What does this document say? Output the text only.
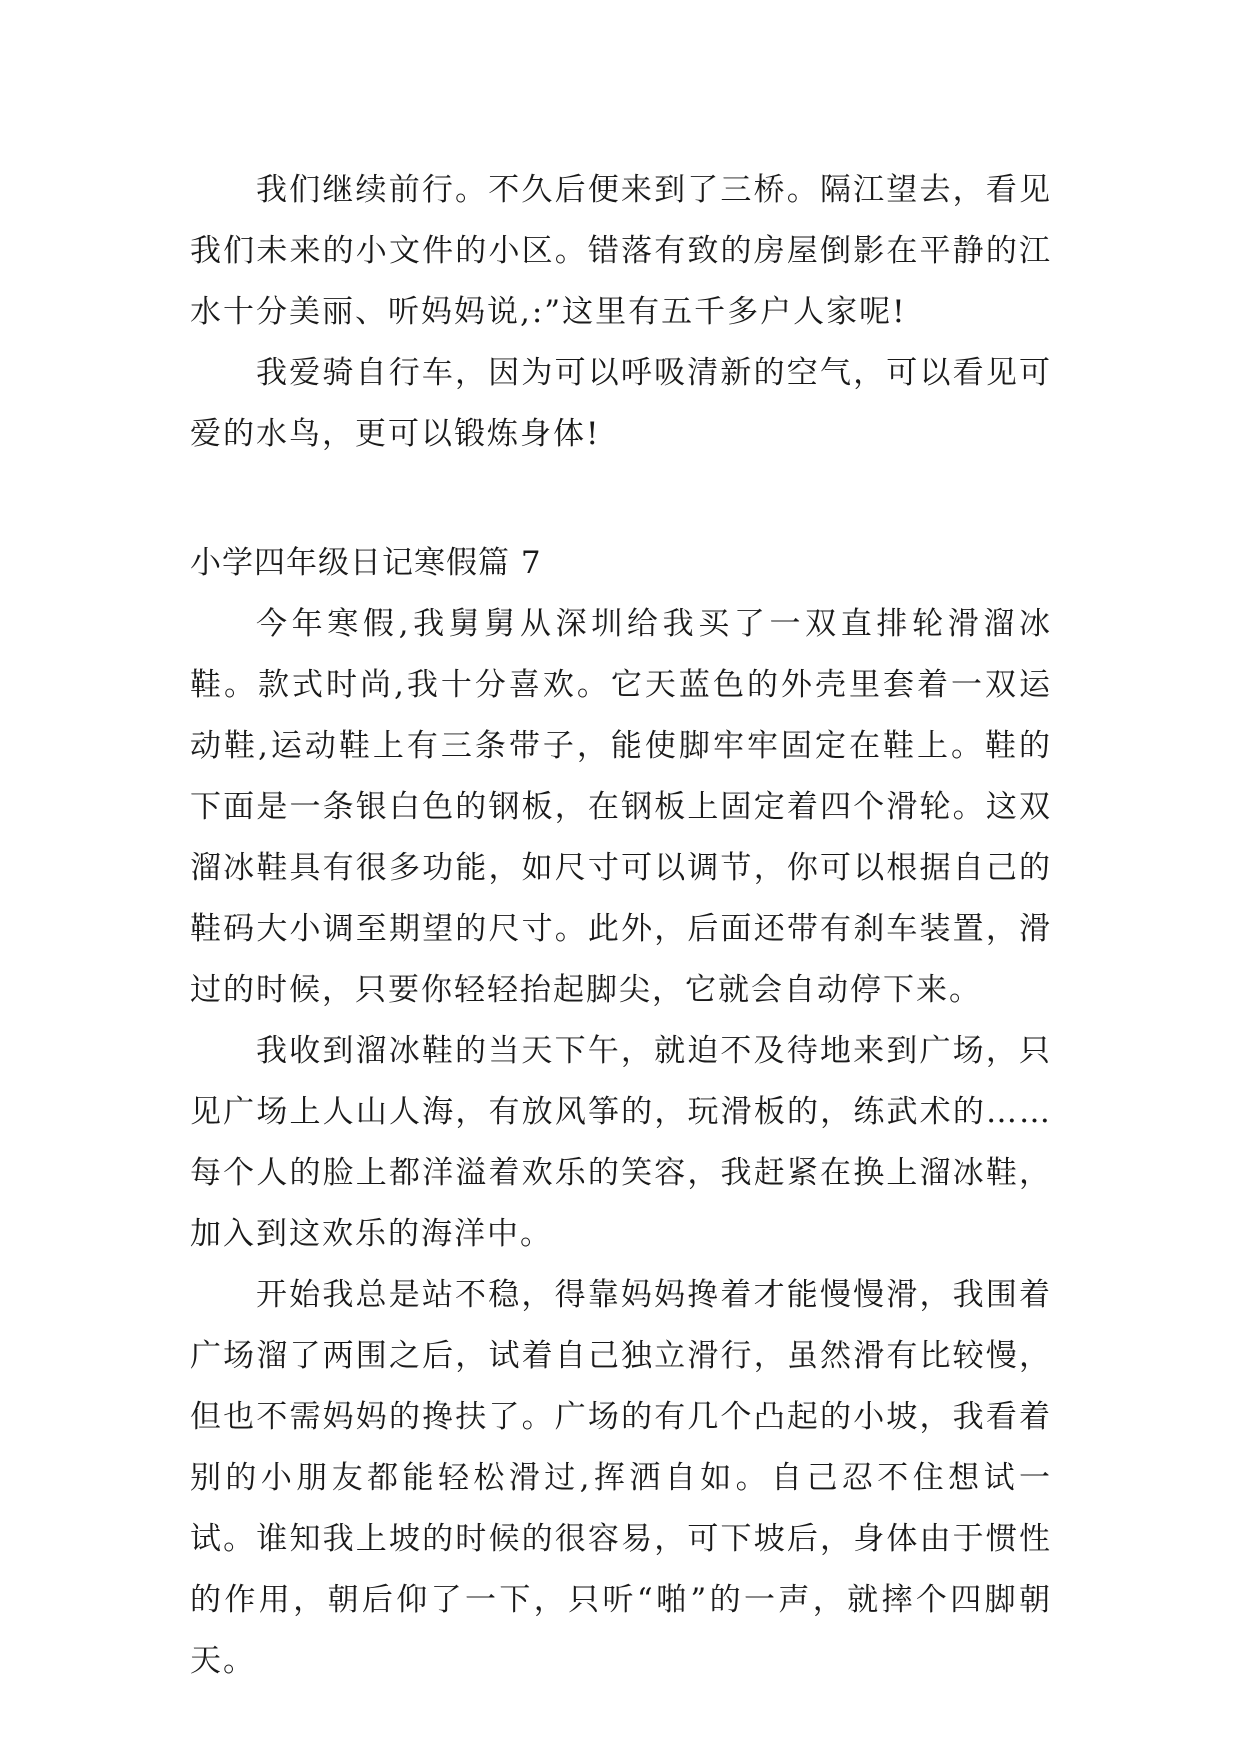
我们继续前行。不久后便来到了三桥。隔江望去，看见我们未来的小文件的小区。错落有致的房屋倒影在平静的江水十分美丽、听妈妈说,:”这里有五千多户人家呢!

我爱骑自行车，因为可以呼吸清新的空气，可以看见可爱的水鸟，更可以锻炼身体!

小学四年级日记寒假篇 7

今年寒假,我舅舅从深圳给我买了一双直排轮滑溜冰鞋。款式时尚,我十分喜欢。它天蓝色的外壳里套着一双运动鞋,运动鞋上有三条带子，能使脚牢牢固定在鞋上。鞋的下面是一条银白色的钢板，在钢板上固定着四个滑轮。这双溜冰鞋具有很多功能，如尺寸可以调节，你可以根据自己的鞋码大小调至期望的尺寸。此外，后面还带有刹车装置，滑过的时候，只要你轻轻抬起脚尖，它就会自动停下来。

我收到溜冰鞋的当天下午，就迫不及待地来到广场，只见广场上人山人海，有放风筝的，玩滑板的，练武术的……每个人的脸上都洋溢着欢乐的笑容，我赶紧在换上溜冰鞋，加入到这欢乐的海洋中。

开始我总是站不稳，得靠妈妈搀着才能慢慢滑，我围着广场溜了两围之后，试着自己独立滑行，虽然滑有比较慢，但也不需妈妈的搀扶了。广场的有几个凸起的小坡，我看着别的小朋友都能轻松滑过,挥洒自如。自己忍不住想试一试。谁知我上坡的时候的很容易，可下坡后，身体由于惯性的作用，朝后仰了一下，只听“啪”的一声，就摔个四脚朝天。
